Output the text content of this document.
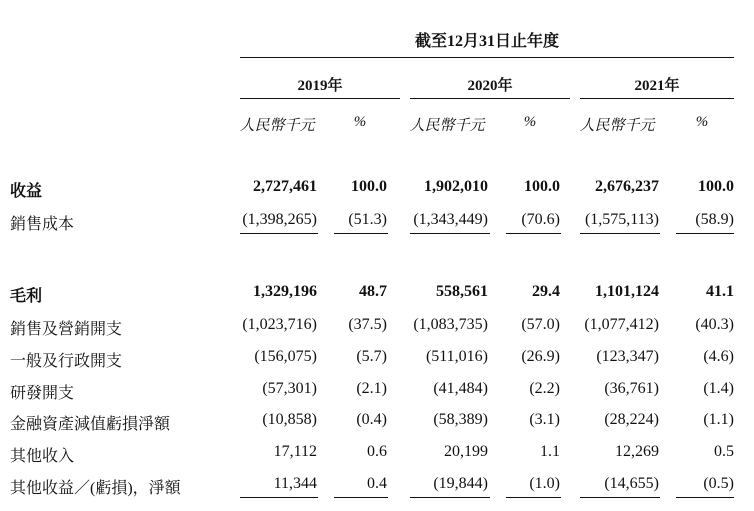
截至12月31日止年度
2019年
人民幣千元	%
2020年
人民幣千元	%
2021年
人民幣千元	%
收益	2,727,461	100.0	1,902,010	100.0	2,676,237	100.0
銷售成本	(1,398,265)	(51.3)	(1,343,449)	(70.6)	(1,575,113)	(58.9)
毛利	1,329,196	48.7	558,561	29.4	1,101,124	41.1
銷售及營銷開支	(1,023,716)	(37.5)	(1,083,735)	(57.0)	(1,077,412)	(40.3)
一般及行政開支	(156,075)	(5.7)	(511,016)	(26.9)	(123,347)	(4.6)
研發開支	(57,301)	(2.1)	(41,484)	(2.2)	(36,761)	(1.4)
金融資產減值虧損淨額	(10,858)	(0.4)	(58,389)	(3.1)	(28,224)	(1.1)
其他收入	17,112	0.6	20,199	1.1	12,269	0.5
其他收益／(虧損)，淨額	11,344	0.4	(19,844)	(1.0)	(14,655)	(0.5)
